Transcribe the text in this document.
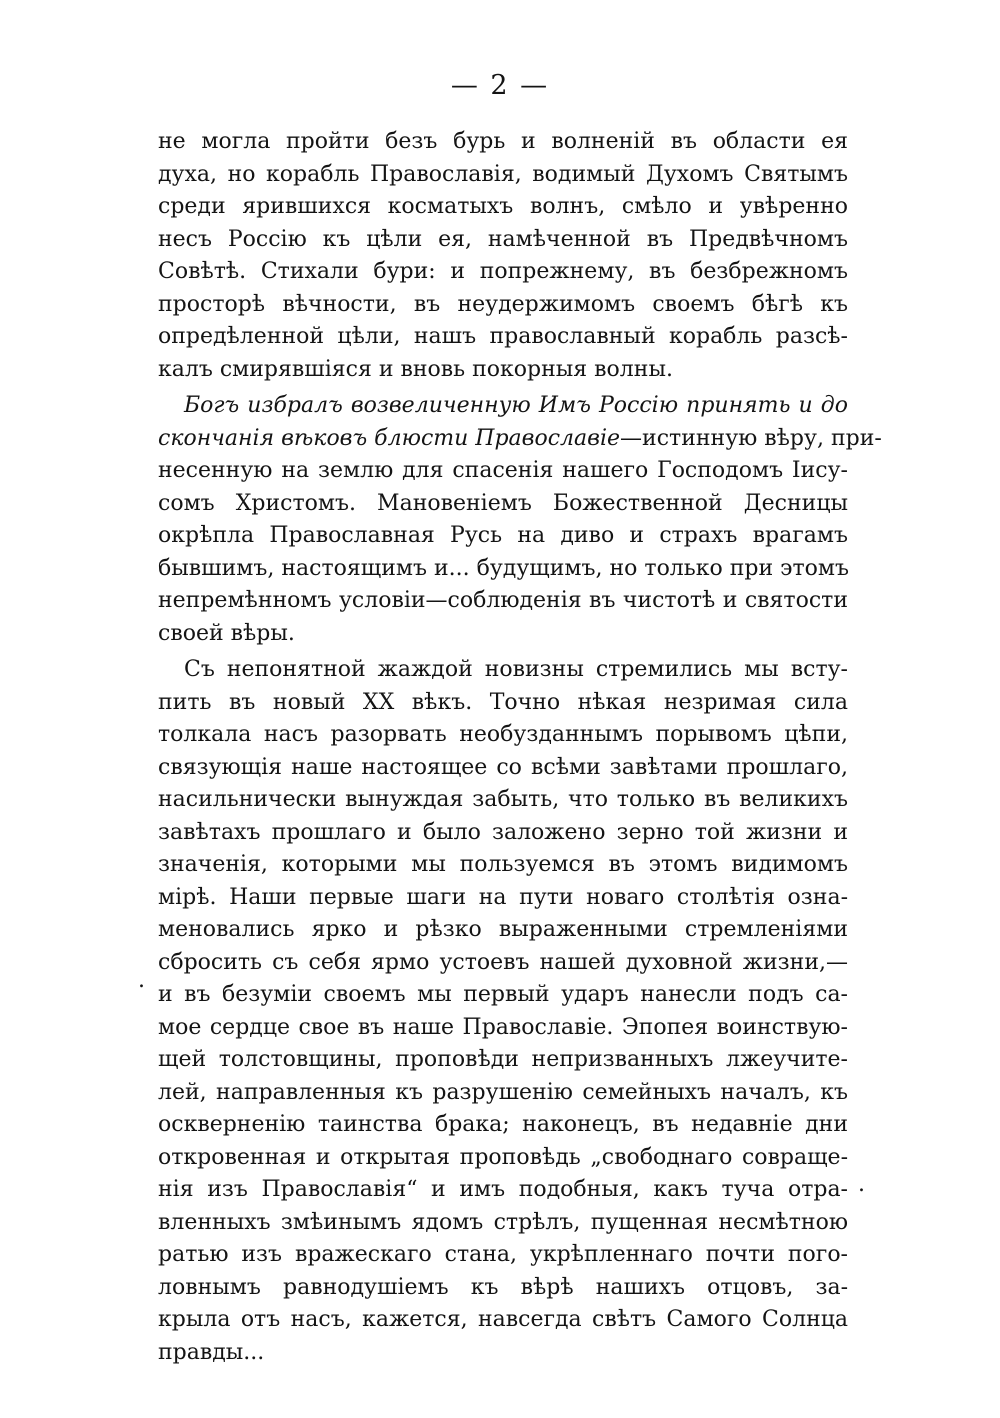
— 2 —
не могла пройти безъ бурь и волненій въ области ея
духа, но корабль Православія, водимый Духомъ Святымъ
среди ярившихся косматыхъ волнъ, смѣло и увѣренно
несъ Россію къ цѣли ея, намѣченной въ Предвѣчномъ
Совѣтѣ. Стихали бури: и попрежнему, въ безбрежномъ
просторѣ вѣчности, въ неудержимомъ своемъ бѣгѣ къ
опредѣленной цѣли, нашъ православный корабль разсѣ-
калъ смирявшіяся и вновь покорныя волны.
Богъ избралъ возвеличенную Имъ Россію принять и до
скончанія вѣковъ блюсти Православіе—истинную вѣру, при-
несенную на землю для спасенія нашего Господомъ Іису-
сомъ Христомъ. Мановеніемъ Божественной Десницы
окрѣпла Православная Русь на диво и страхъ врагамъ
бывшимъ, настоящимъ и... будущимъ, но только при этомъ
непремѣнномъ условіи—соблюденія въ чистотѣ и святости
своей вѣры.
Съ непонятной жаждой новизны стремились мы всту-
пить въ новый XX вѣкъ. Точно нѣкая незримая сила
толкала насъ разорвать необузданнымъ порывомъ цѣпи,
связующія наше настоящее со всѣми завѣтами прошлаго,
насильнически вынуждая забыть, что только въ великихъ
завѣтахъ прошлаго и было заложено зерно той жизни и
значенія, которыми мы пользуемся въ этомъ видимомъ
мірѣ. Наши первые шаги на пути новаго столѣтія озна-
меновались ярко и рѣзко выраженными стремленіями
сбросить съ себя ярмо устоевъ нашей духовной жизни,—
и въ безуміи своемъ мы первый ударъ нанесли подъ са-
мое сердце свое въ наше Православіе. Эпопея воинствую-
щей толстовщины, проповѣди непризванныхъ лжеучите-
лей, направленныя къ разрушенію семейныхъ началъ, къ
оскверненію таинства брака; наконецъ, въ недавніе дни
откровенная и открытая проповѣдь „свободнаго совраще-
нія изъ Православія“ и имъ подобныя, какъ туча отра-
вленныхъ змѣинымъ ядомъ стрѣлъ, пущенная несмѣтною
ратью изъ вражескаго стана, укрѣпленнаго почти пого-
ловнымъ равнодушіемъ къ вѣрѣ нашихъ отцовъ, за-
крыла отъ насъ, кажется, навсегда свѣтъ Самого Солнца
правды...
.
.
